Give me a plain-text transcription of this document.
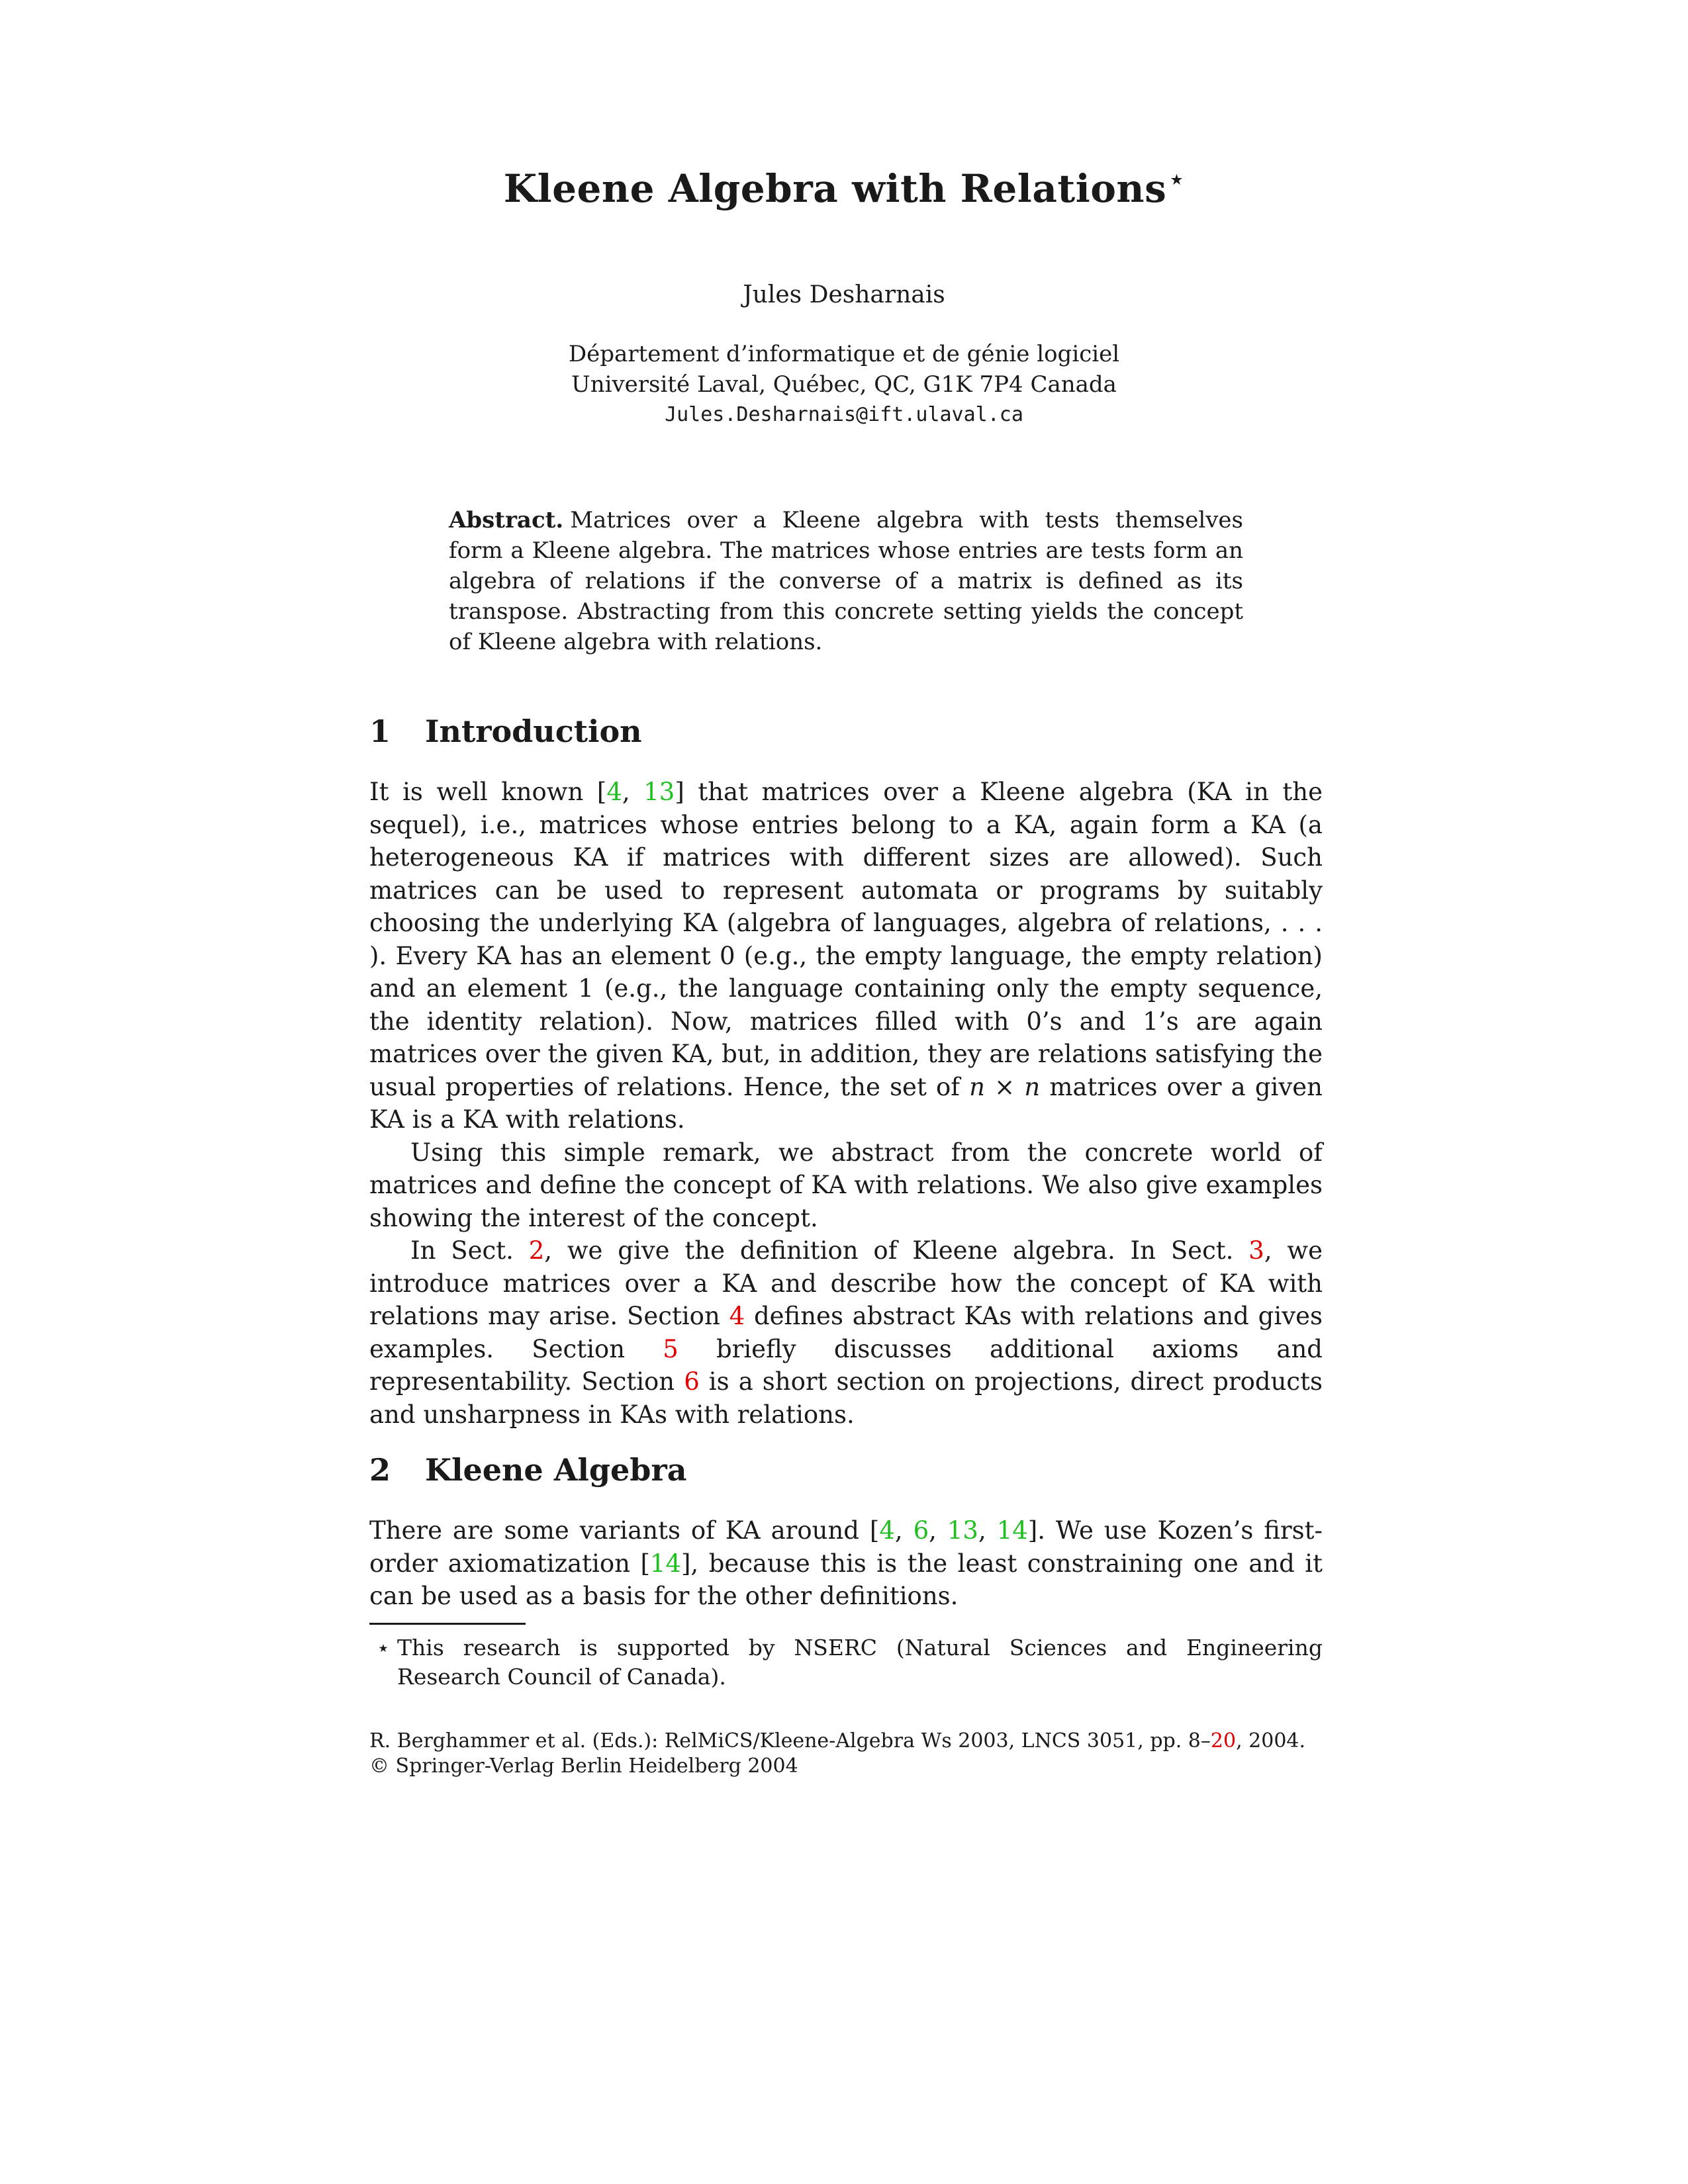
Kleene Algebra with Relations ⋆
Jules Desharnais
Département d’informatique et de génie logiciel
Université Laval, Québec, QC, G1K 7P4 Canada
Jules.Desharnais@ift.ulaval.ca
Abstract. Matrices over a Kleene algebra with tests themselves form a Kleene algebra. The matrices whose entries are tests form an algebra of relations if the converse of a matrix is defined as its transpose. Abstracting from this concrete setting yields the concept of Kleene algebra with relations.
1 Introduction

It is well known [4, 13] that matrices over a Kleene algebra (KA in the sequel), i.e., matrices whose entries belong to a KA, again form a KA (a heterogeneous KA if matrices with different sizes are allowed). Such matrices can be used to represent automata or programs by suitably choosing the underlying KA (algebra of languages, algebra of relations, . . . ). Every KA has an element 0 (e.g., the empty language, the empty relation) and an element 1 (e.g., the language containing only the empty sequence, the identity relation). Now, matrices filled with 0’s and 1’s are again matrices over the given KA, but, in addition, they are relations satisfying the usual properties of relations. Hence, the set of n × n matrices over a given KA is a KA with relations.

Using this simple remark, we abstract from the concrete world of matrices and define the concept of KA with relations. We also give examples showing the interest of the concept.

In Sect. 2, we give the definition of Kleene algebra. In Sect. 3, we introduce matrices over a KA and describe how the concept of KA with relations may arise. Section 4 defines abstract KAs with relations and gives examples. Section 5 briefly discusses additional axioms and representability. Section 6 is a short section on projections, direct products and unsharpness in KAs with relations.

2 Kleene Algebra

There are some variants of KA around [4, 6, 13, 14]. We use Kozen’s first-order axiomatization [14], because this is the least constraining one and it can be used as a basis for the other definitions.

⋆ This research is supported by NSERC (Natural Sciences and Engineering Research Council of Canada).
R. Berghammer et al. (Eds.): RelMiCS/Kleene-Algebra Ws 2003, LNCS 3051, pp. 8–20, 2004.
© Springer-Verlag Berlin Heidelberg 2004
